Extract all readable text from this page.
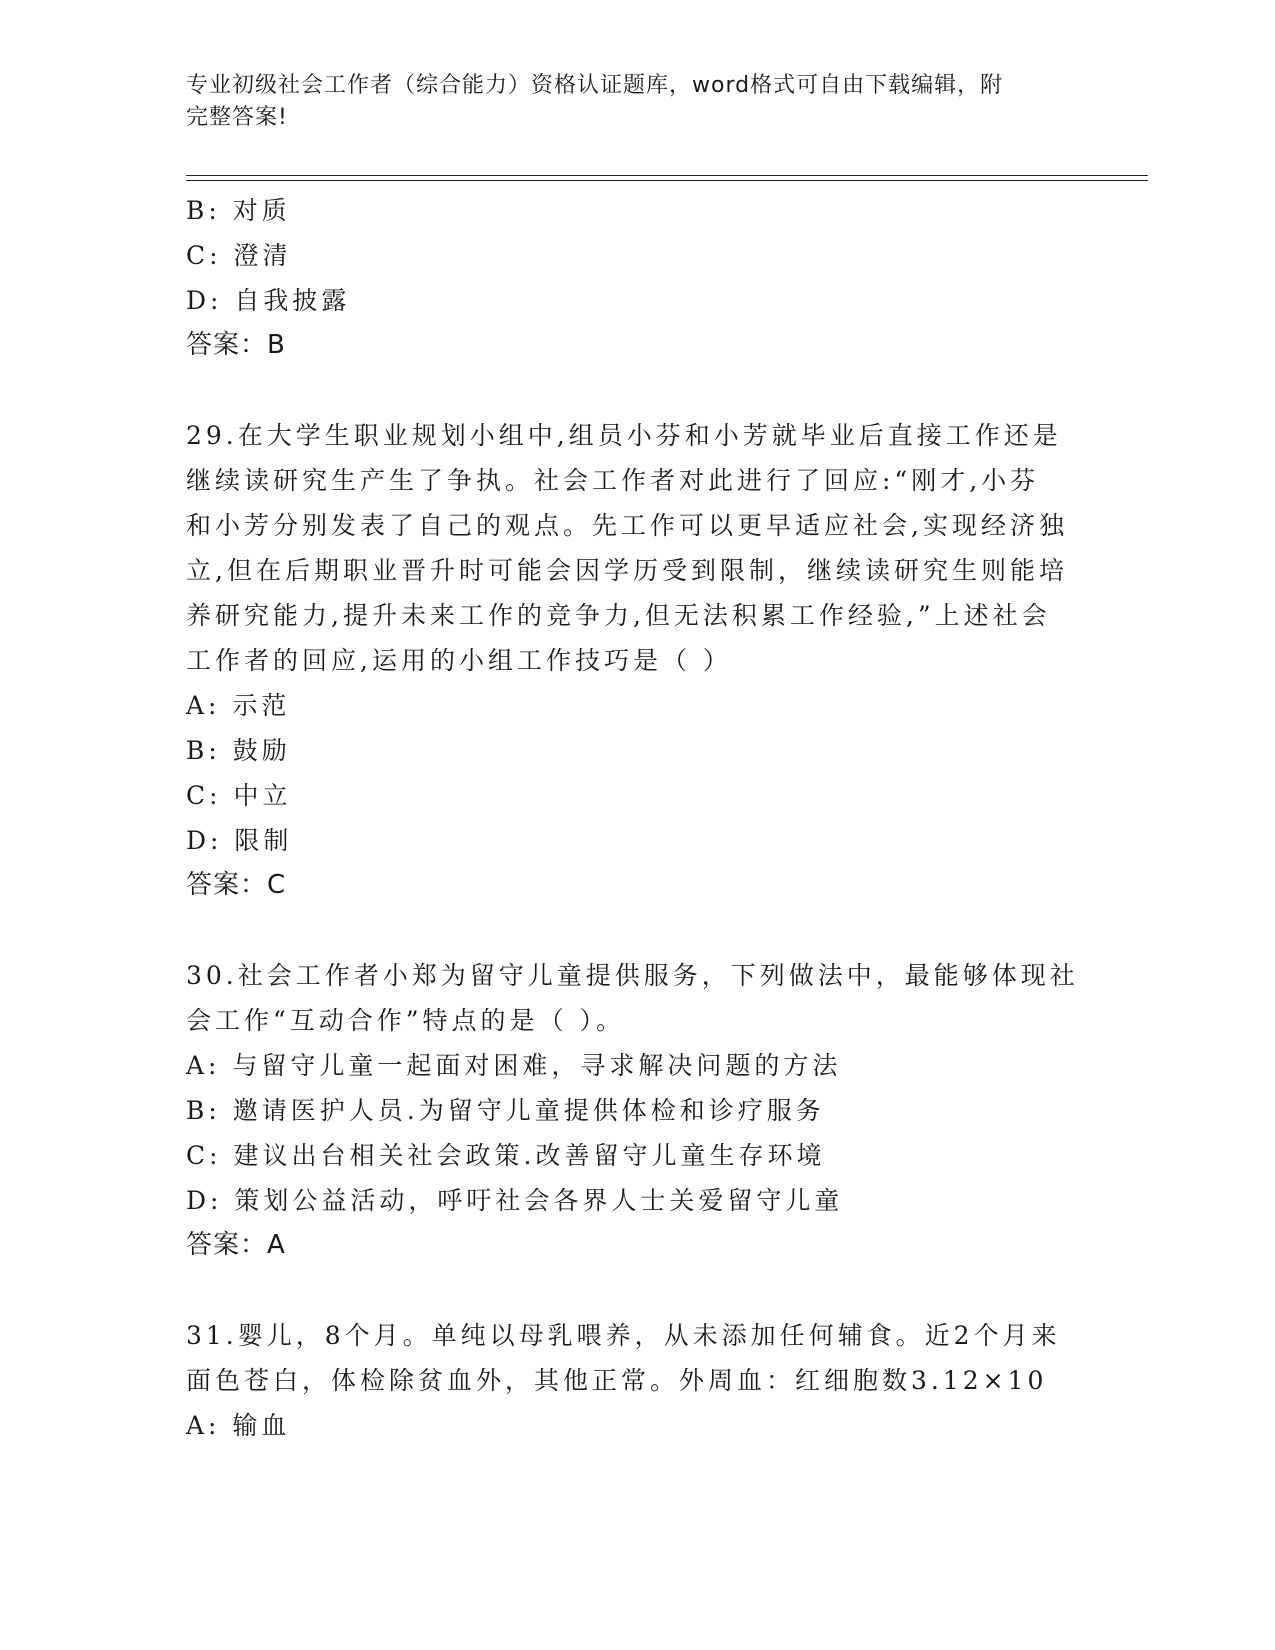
专业初级社会工作者（综合能力）资格认证题库，word格式可自由下载编辑，附
完整答案!
B: 对质
C: 澄清
D: 自我披露
答案：B
29.在大学生职业规划小组中,组员小芬和小芳就毕业后直接工作还是
继续读研究生产生了争执。社会工作者对此进行了回应:“刚才,小芬
和小芳分别发表了自己的观点。先工作可以更早适应社会,实现经济独
立,但在后期职业晋升时可能会因学历受到限制，继续读研究生则能培
养研究能力,提升未来工作的竞争力,但无法积累工作经验,”上述社会
工作者的回应,运用的小组工作技巧是（ ）
A: 示范
B: 鼓励
C: 中立
D: 限制
答案：C
30.社会工作者小郑为留守儿童提供服务，下列做法中，最能够体现社
会工作“互动合作”特点的是（ ）。
A: 与留守儿童一起面对困难，寻求解决问题的方法
B: 邀请医护人员.为留守儿童提供体检和诊疗服务
C: 建议出台相关社会政策.改善留守儿童生存环境
D: 策划公益活动，呼吁社会各界人士关爱留守儿童
答案：A
31.婴儿，8个月。单纯以母乳喂养，从未添加任何辅食。近2个月来
面色苍白，体检除贫血外，其他正常。外周血：红细胞数3.12×10
A: 输血
